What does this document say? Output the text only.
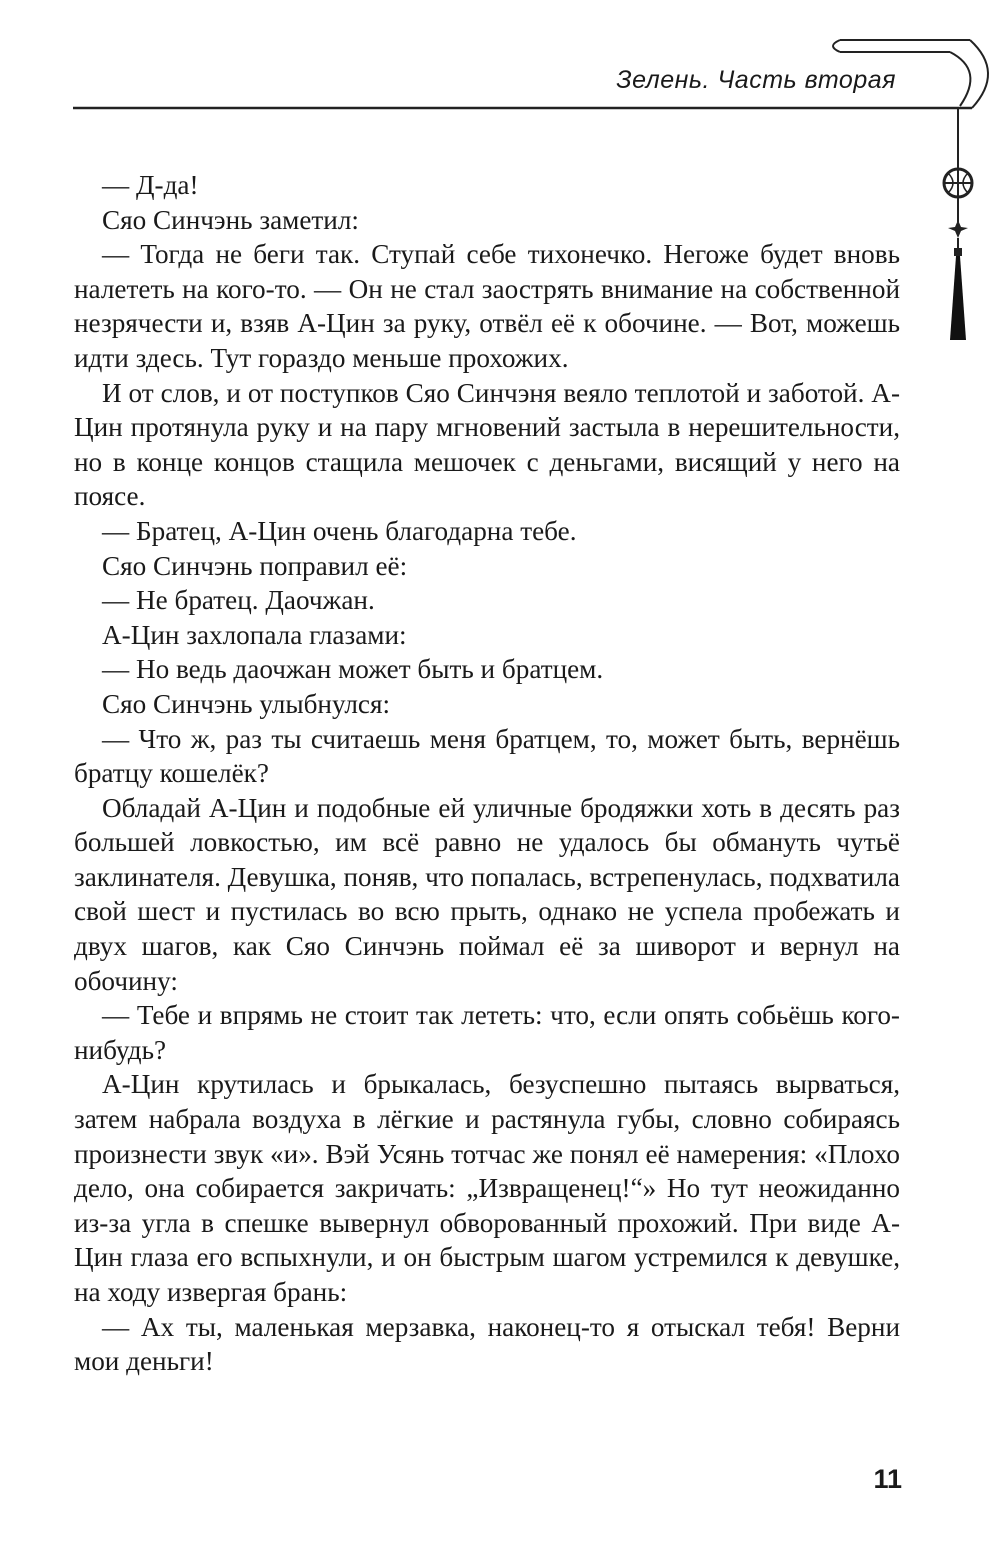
Зелень. Часть вторая

— Д-да!

Сяо Синчэнь заметил:

— Тогда не беги так. Ступай себе тихонечко. Негоже будет вновь налететь на кого-то. — Он не стал заострять внимание на собственной незрячести и, взяв А-Цин за руку, отвёл её к обочине. — Вот, можешь идти здесь. Тут гораздо меньше прохожих.

И от слов, и от поступков Сяо Синчэня веяло теплотой и заботой. А-Цин протянула руку и на пару мгновений застыла в нерешительности, но в конце концов стащила мешочек с деньгами, висящий у него на поясе.

— Братец, А-Цин очень благодарна тебе.

Сяо Синчэнь поправил её:

— Не братец. Даочжан.

А-Цин захлопала глазами:

— Но ведь даочжан может быть и братцем.

Сяо Синчэнь улыбнулся:

— Что ж, раз ты считаешь меня братцем, то, может быть, вернёшь братцу кошелёк?

Обладай А-Цин и подобные ей уличные бродяжки хоть в десять раз большей ловкостью, им всё равно не удалось бы обмануть чутьё заклинателя. Девушка, поняв, что попалась, встрепенулась, подхватила свой шест и пустилась во всю прыть, однако не успела пробежать и двух шагов, как Сяо Синчэнь поймал её за шиворот и вернул на обочину:

— Тебе и впрямь не стоит так лететь: что, если опять собьёшь кого-нибудь?

А-Цин крутилась и брыкалась, безуспешно пытаясь вырваться, затем набрала воздуха в лёгкие и растянула губы, словно собираясь произнести звук «и». Вэй Усянь тотчас же понял её намерения: «Плохо дело, она собирается закричать: „Извращенец!“» Но тут неожиданно из-за угла в спешке вывернул обворованный прохожий. При виде А-Цин глаза его вспыхнули, и он быстрым шагом устремился к девушке, на ходу извергая брань:

— Ах ты, маленькая мерзавка, наконец-то я отыскал тебя! Верни мои деньги!

11
